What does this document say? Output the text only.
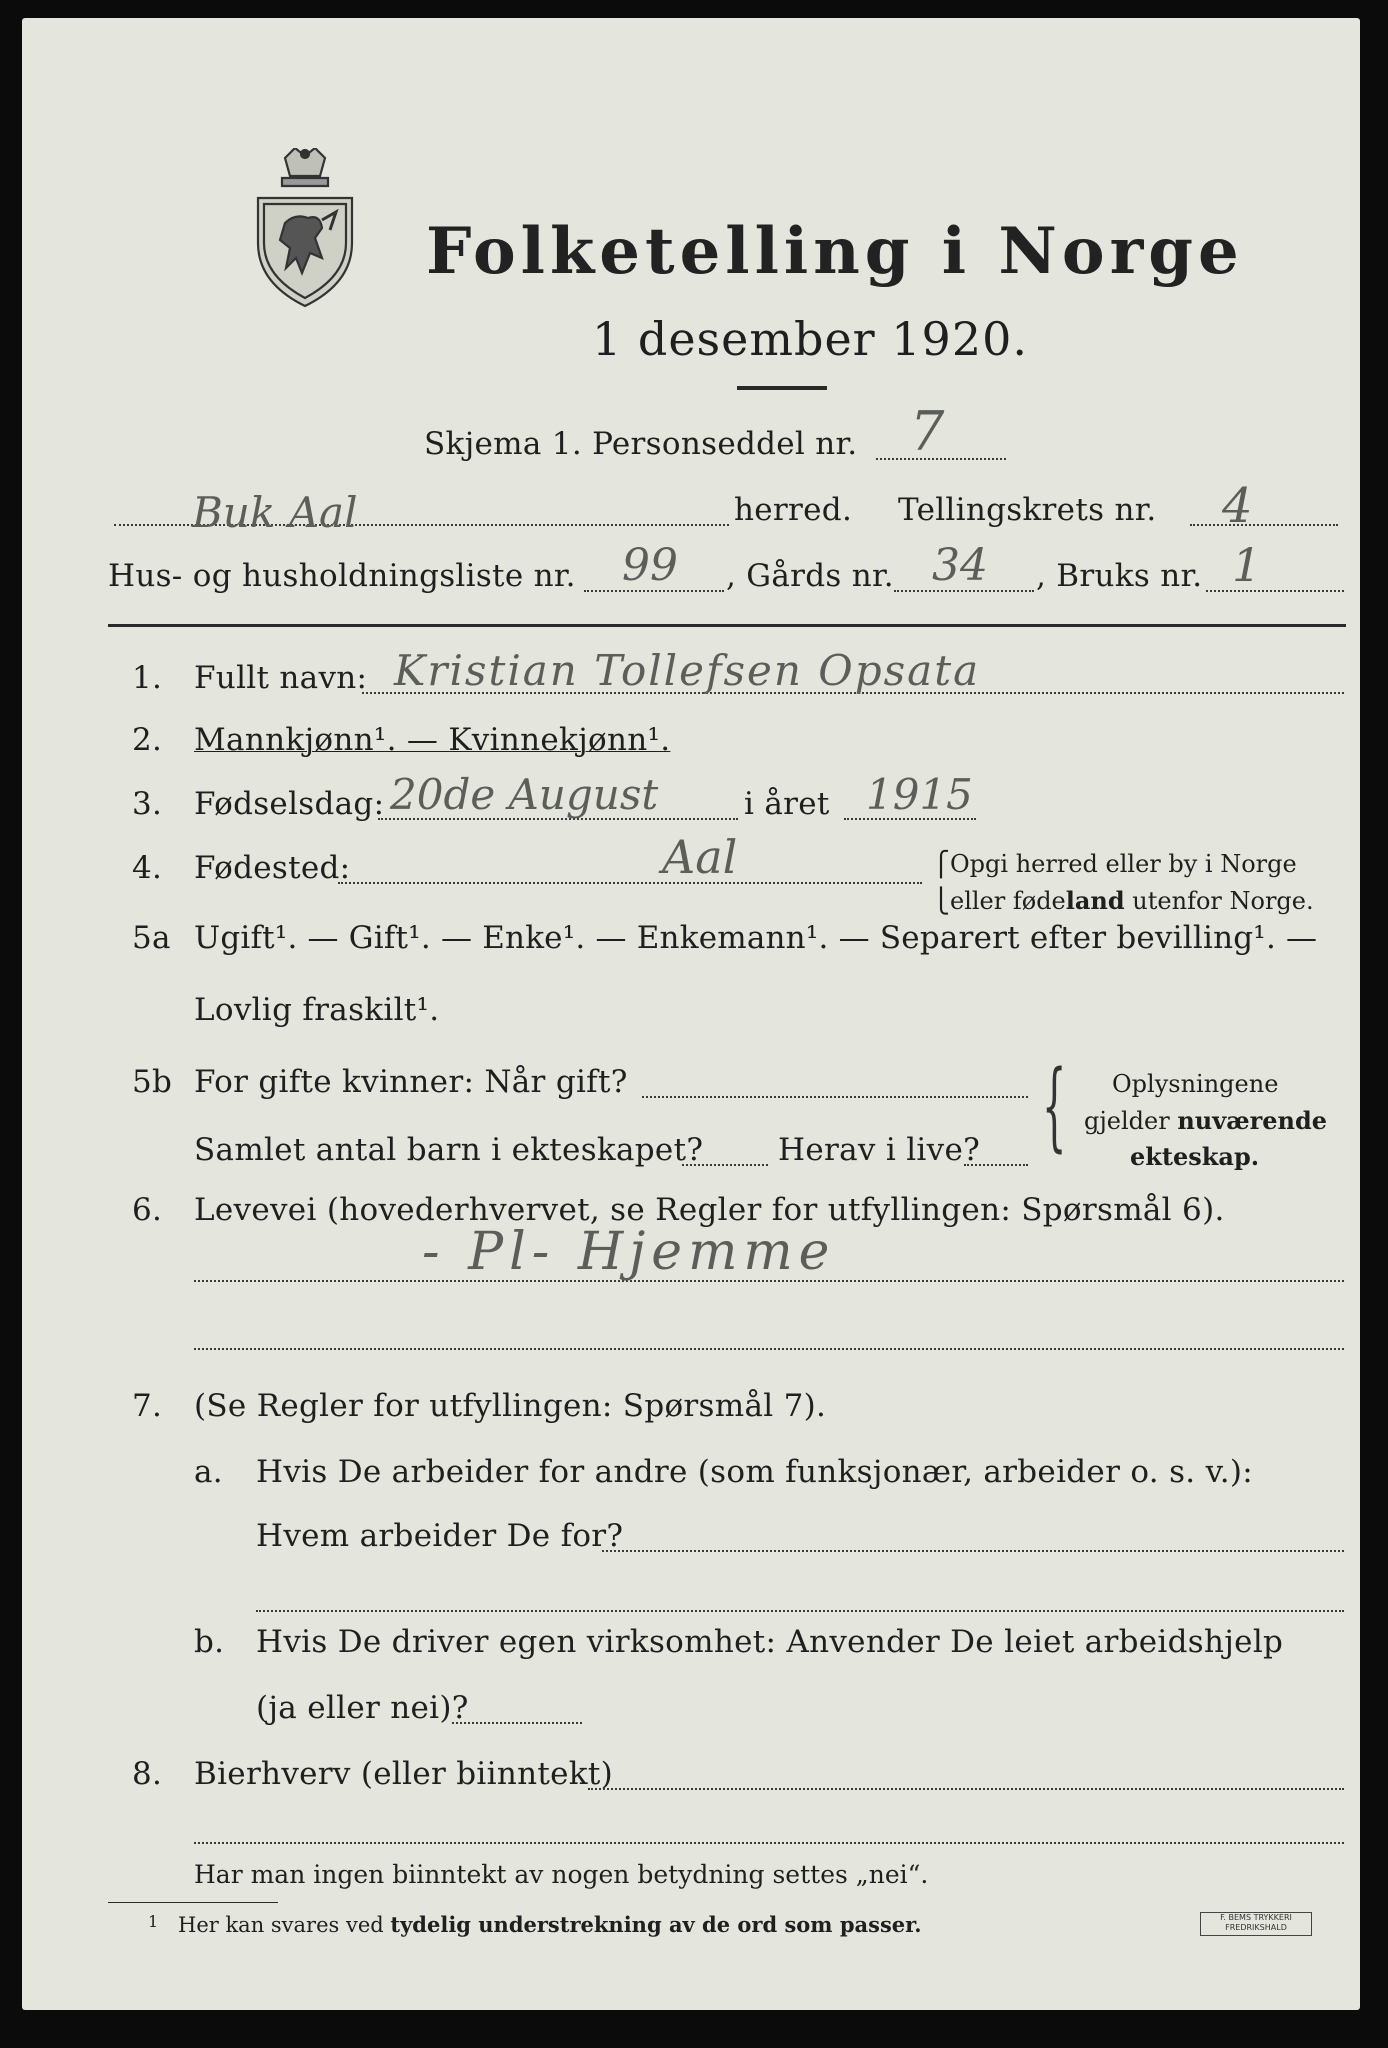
Folketelling i Norge
1 desember 1920.
Skjema 1. Personseddel nr. 7
Buk Aal	herred. Tellingskrets nr. 4
Hus- og husholdningsliste nr. 99 , Gårds nr. 34 , Bruks nr. 1
1. Fullt navn: Kristian Tollefsen Opsata
2. Mannkjønn¹. — Kvinnekjønn¹.
3. Fødselsdag: 20de August	i året 1915
4. Fødested:	Aal	⎧Opgi herred eller by i Norge
⎩eller fødeland utenfor Norge.
5a Ugift¹. — Gift¹. — Enke¹. — Enkemann¹. — Separert efter bevilling¹. —
Lovlig fraskilt¹.
5b For gifte kvinner: Når gift?
Samlet antal barn i ekteskapet? Herav i live? { Oplysningene
gjelder nuværende
ekteskap.
6. Levevei (hovederhvervet, se Regler for utfyllingen: Spørsmål 6).
- Pl- Hjemme
7. (Se Regler for utfyllingen: Spørsmål 7).
a. Hvis De arbeider for andre (som funksjonær, arbeider o. s. v.):
Hvem arbeider De for?
b. Hvis De driver egen virksomhet: Anvender De leiet arbeidshjelp
(ja eller nei)?
8. Bierhverv (eller biinntekt)
Har man ingen biinntekt av nogen betydning settes „nei“.
1 Her kan svares ved tydelig understrekning av de ord som passer.	F. BEMS TRYKKERI FREDRIKSHALD
